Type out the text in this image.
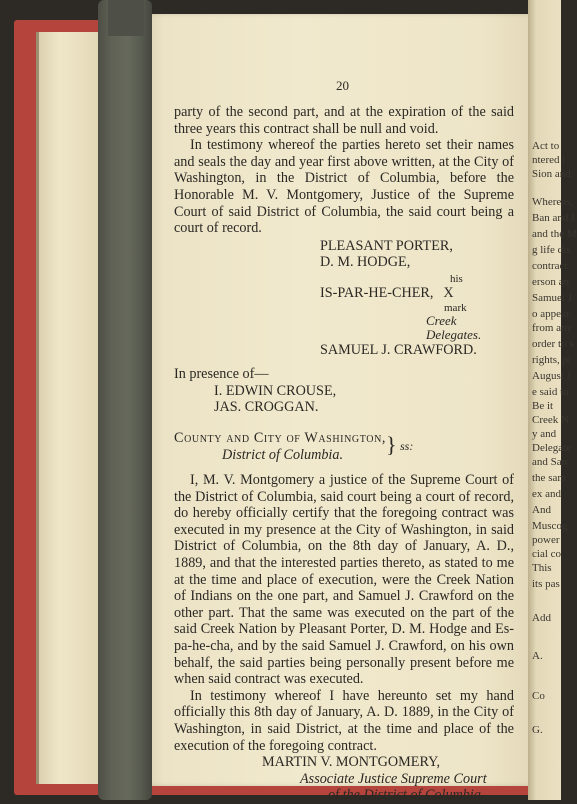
Act to
ntered i
Sion and
Whereas,
Ban and I
and the M
g life dis
contract
erson an
Samuel J
o appear
from any
order to s
rights, pi
August 1
e said to
Be it
Creek N
y and
Delegate
and San
the sam
ex and
And
Muscog
power
cial co
This
its pas
Add
A.
Co
G.
20

party of the second part, and at the expiration of the said three years this contract shall be null and void.

In testimony whereof the parties hereto set their names and seals the day and year first above written, at the City of Washington, in the District of Columbia, before the Honorable M. V. Montgomery, Justice of the Supreme Court of said District of Columbia, the said court being a court of record.

PLEASANT PORTER,

D. M. HODGE,

his

IS-PAR-HE-CHER, X

mark

Creek Delegates.

SAMUEL J. CRAWFORD.

In presence of—

I. EDWIN CROUSE,

JAS. CROGGAN.

County and City of Washington,

District of Columbia.	} ss:

I, M. V. Montgomery a justice of the Supreme Court of the District of Columbia, said court being a court of record, do hereby officially certify that the foregoing contract was executed in my presence at the City of Washington, in said District of Columbia, on the 8th day of January, A. D., 1889, and that the interested parties thereto, as stated to me at the time and place of execution, were the Creek Nation of Indians on the one part, and Samuel J. Crawford on the other part. That the same was executed on the part of the said Creek Nation by Pleasant Porter, D. M. Hodge and Es-pa-he-cha, and by the said Samuel J. Crawford, on his own behalf, the said parties being personally present before me when said contract was executed.

In testimony whereof I have hereunto set my hand officially this 8th day of January, A. D. 1889, in the City of Washington, in said District, at the time and place of the execution of the foregoing contract.

MARTIN V. MONTGOMERY,

Associate Justice Supreme Court

of the District of Columbia.
